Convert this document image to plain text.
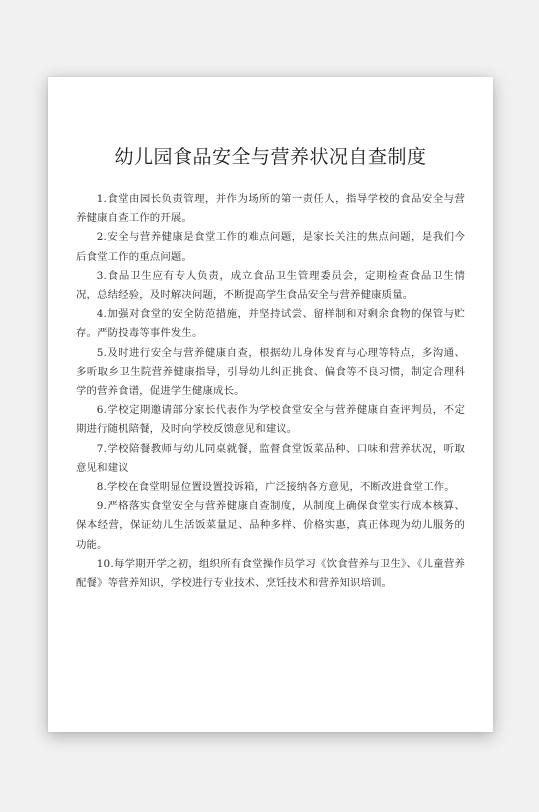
幼儿园食品安全与营养状况自查制度

1.食堂由园长负责管理，并作为场所的第一责任人，指导学校的食品安全与营养健康自查工作的开展。

2.安全与营养健康是食堂工作的难点问题，是家长关注的焦点问题，是我们今后食堂工作的重点问题。

3.食品卫生应有专人负责，成立食品卫生管理委员会，定期检查食品卫生情况，总结经验，及时解决问题，不断提高学生食品安全与营养健康质量。

4.加强对食堂的安全防范措施，并坚持试尝、留样制和对剩余食物的保管与贮存。严防投毒等事件发生。

5.及时进行安全与营养健康自查，根据幼儿身体发育与心理等特点，多沟通、多听取乡卫生院营养健康指导，引导幼儿纠正挑食、偏食等不良习惯，制定合理科学的营养食谱，促进学生健康成长。

6.学校定期邀请部分家长代表作为学校食堂安全与营养健康自查评判员，不定期进行随机陪餐，及时向学校反馈意见和建议。

7.学校陪餐教师与幼儿同桌就餐，监督食堂饭菜品种、口味和营养状况，听取意见和建议

8.学校在食堂明显位置设置投诉箱，广泛接纳各方意见，不断改进食堂工作。

9.严格落实食堂安全与营养健康自查制度，从制度上确保食堂实行成本核算、保本经营，保证幼儿生活饭菜量足、品种多样、价格实惠，真正体现为幼儿服务的功能。

10.每学期开学之初，组织所有食堂操作员学习《饮食营养与卫生》、《儿童营养配餐》等营养知识，学校进行专业技术、烹饪技术和营养知识培训。
